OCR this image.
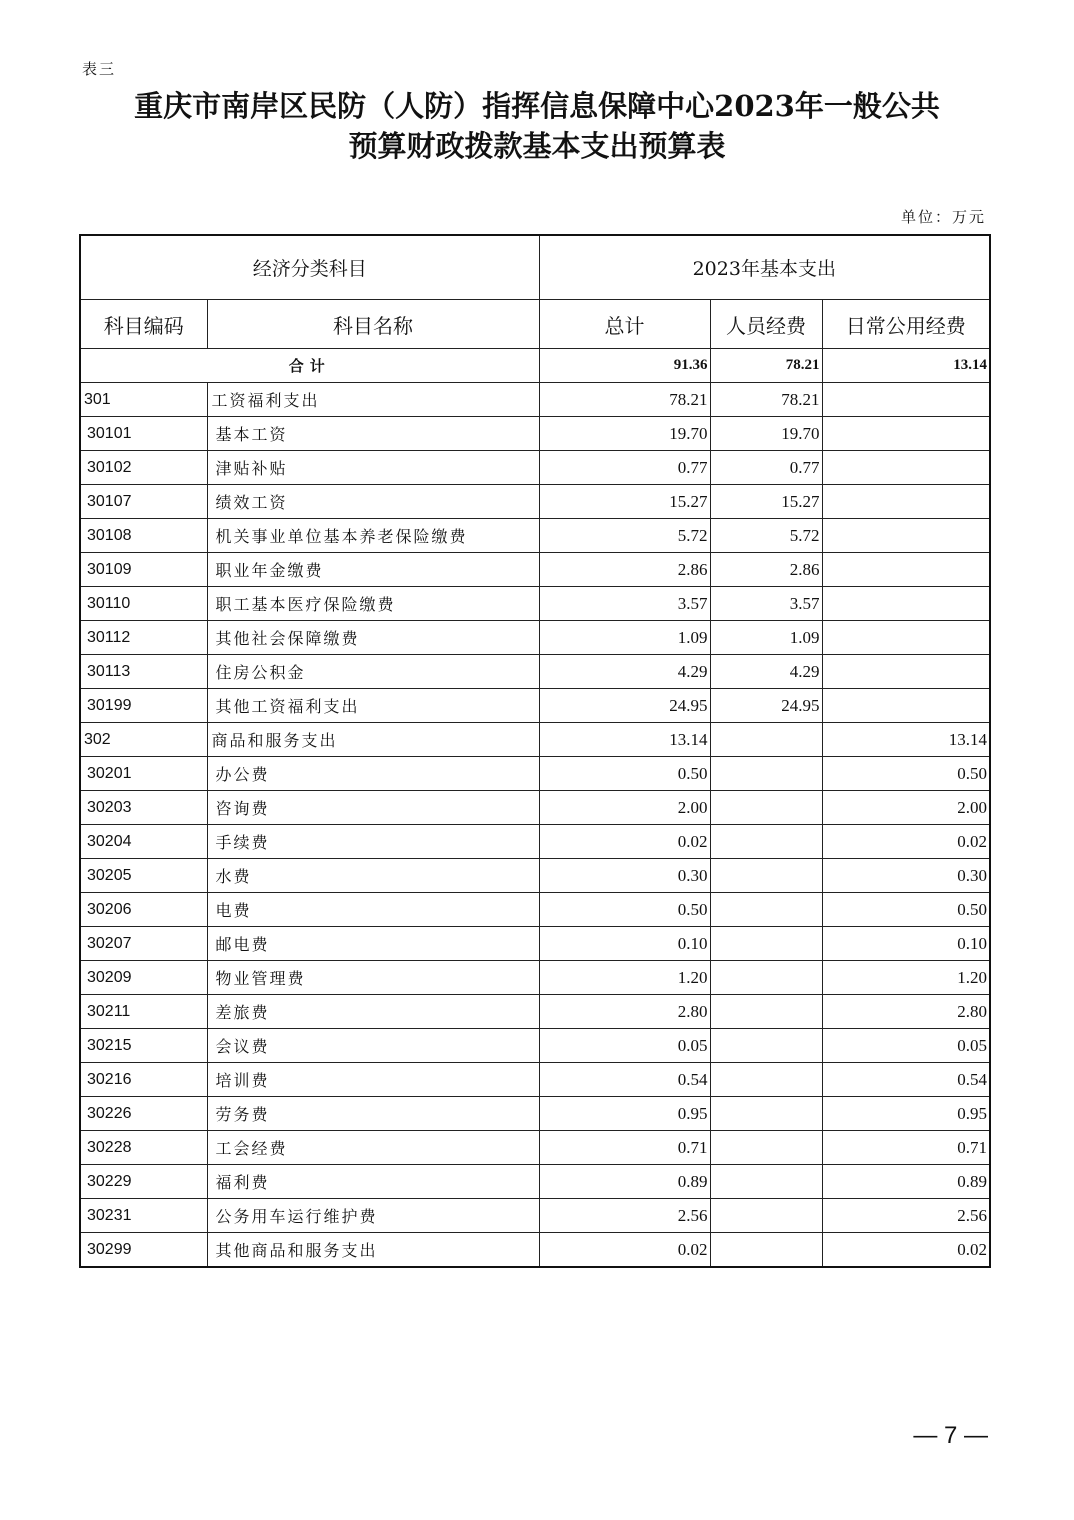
表三
重庆市南岸区民防（人防）指挥信息保障中心2023年一般公共
预算财政拨款基本支出预算表
单位：万元
经济分类科目		2023年基本支出		
科目编码	科目名称	总计	人员经费	日常公用经费
合计		91.36	78.21	13.14
301	工资福利支出	78.21	78.21	
30101	基本工资	19.70	19.70	
30102	津贴补贴	0.77	0.77	
30107	绩效工资	15.27	15.27	
30108	机关事业单位基本养老保险缴费	5.72	5.72	
30109	职业年金缴费	2.86	2.86	
30110	职工基本医疗保险缴费	3.57	3.57	
30112	其他社会保障缴费	1.09	1.09	
30113	住房公积金	4.29	4.29	
30199	其他工资福利支出	24.95	24.95	
302	商品和服务支出	13.14		13.14
30201	办公费	0.50		0.50
30203	咨询费	2.00		2.00
30204	手续费	0.02		0.02
30205	水费	0.30		0.30
30206	电费	0.50		0.50
30207	邮电费	0.10		0.10
30209	物业管理费	1.20		1.20
30211	差旅费	2.80		2.80
30215	会议费	0.05		0.05
30216	培训费	0.54		0.54
30226	劳务费	0.95		0.95
30228	工会经费	0.71		0.71
30229	福利费	0.89		0.89
30231	公务用车运行维护费	2.56		2.56
30299	其他商品和服务支出	0.02		0.02
— 7 —
